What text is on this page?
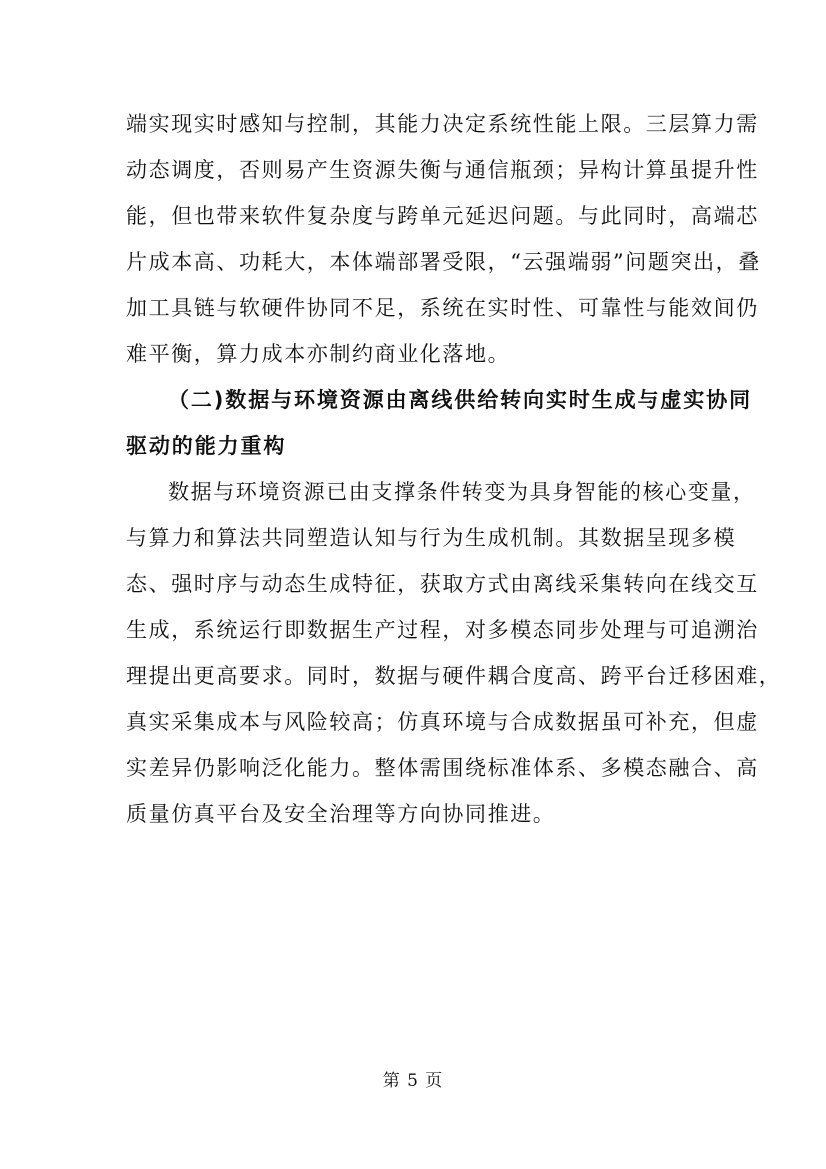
端实现实时感知与控制，其能力决定系统性能上限。三层算力需
动态调度，否则易产生资源失衡与通信瓶颈；异构计算虽提升性
能，但也带来软件复杂度与跨单元延迟问题。与此同时，高端芯
片成本高、功耗大，本体端部署受限，“云强端弱”问题突出，叠
加工具链与软硬件协同不足，系统在实时性、可靠性与能效间仍
难平衡，算力成本亦制约商业化落地。
（二)数据与环境资源由离线供给转向实时生成与虚实协同
驱动的能力重构
数据与环境资源已由支撑条件转变为具身智能的核心变量，
与算力和算法共同塑造认知与行为生成机制。其数据呈现多模
态、强时序与动态生成特征，获取方式由离线采集转向在线交互
生成，系统运行即数据生产过程，对多模态同步处理与可追溯治
理提出更高要求。同时，数据与硬件耦合度高、跨平台迁移困难，
真实采集成本与风险较高；仿真环境与合成数据虽可补充，但虚
实差异仍影响泛化能力。整体需围绕标准体系、多模态融合、高
质量仿真平台及安全治理等方向协同推进。
第 5 页
